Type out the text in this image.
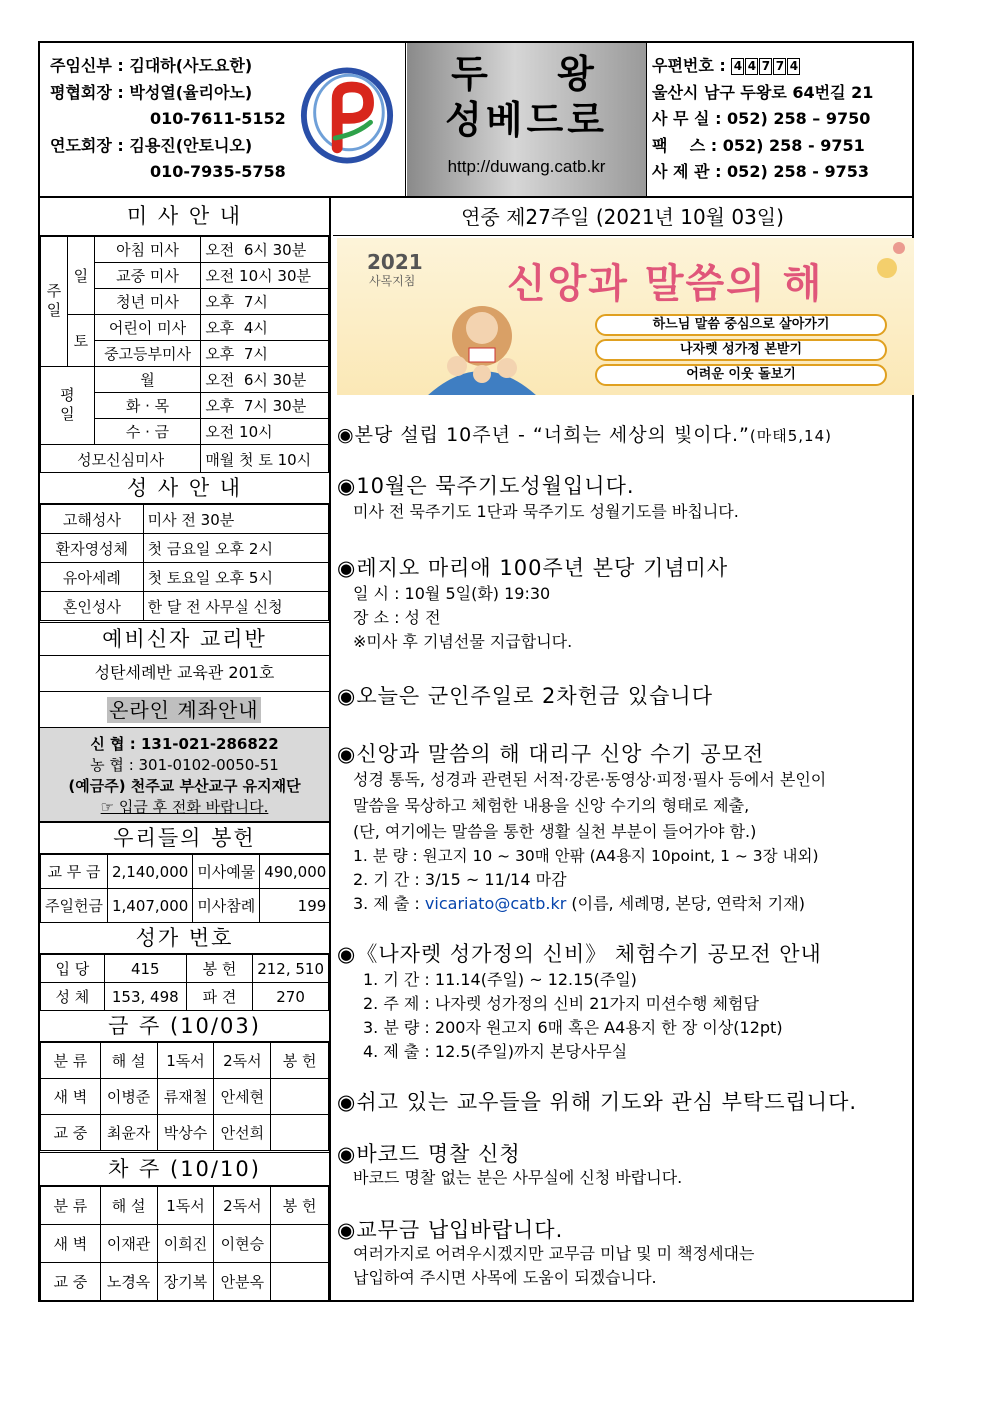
주임신부 : 김대하(사도요한)
평협회장 : 박성열(율리아노)
010-7611-5152
연도회장 : 김용진(안토니오)
010-7935-5758
두 왕
성베드로
http://duwang.catb.kr
우편번호 : 4 4 7 7 4
울산시 남구 두왕로 64번길 21
사 무 실 : 052) 258 – 9750
팩    스 : 052) 258 - 9751
사 제 관 : 052) 258 - 9753
미 사 안 내
주일	일	아침 미사	오전  6시 30분
		교중 미사	오전 10시 30분
		청년 미사	오후  7시
	토	어린이 미사	오후  4시
		중고등부미사	오후  7시
평일		월	오전  6시 30분
		화 · 목	오후  7시 30분
		수 · 금	오전 10시
성모신심미사			매월 첫 토 10시
성 사 안 내
고해성사	미사 전 30분
환자영성체	첫 금요일 오후 2시
유아세례	첫 토요일 오후 5시
혼인성사	한 달 전 사무실 신청
예비신자 교리반
성탄세례반 교육관 201호
온라인 계좌안내
신 협 : 131-021-286822
농 협 : 301-0102-0050-51
(예금주) 천주교 부산교구 유지재단
☞ 입금 후 전화 바랍니다.
우리들의 봉헌
교 무 금	2,140,000	미사예물	490,000
주일헌금	1,407,000	미사참례	199
성가 번호
입 당	415	봉 헌	212, 510
성 체	153, 498	파 견	270
금 주 (10/03)
분 류	해 설	1독서	2독서	봉 헌
새 벽	이병준	류재철	안세현	
교 중	최윤자	박상수	안선희	
차 주 (10/10)
분 류	해 설	1독서	2독서	봉 헌
새 벽	이재관	이희진	이현승	
교 중	노경옥	장기복	안분옥	
연중 제27주일 (2021년 10월 03일)
2021
사목지침 신앙과 말씀의 해
하느님 말씀 중심으로 살아가기
나자렛 성가정 본받기
어려운 이웃 돌보기
◉본당 설립 10주년 - “너희는 세상의 빛이다.”(마태5,14)
◉10월은 묵주기도성월입니다.
미사 전 묵주기도 1단과 묵주기도 성월기도를 바칩니다.
◉레지오 마리애 100주년 본당 기념미사
일 시 : 10월 5일(화) 19:30
장 소 : 성 전
※미사 후 기념선물 지급합니다.
◉오늘은 군인주일로 2차헌금 있습니다
◉신앙과 말씀의 해 대리구 신앙 수기 공모전
성경 통독, 성경과 관련된 서적·강론·동영상·피정·필사 등에서 본인이
말씀을 묵상하고 체험한 내용을 신앙 수기의 형태로 제출,
(단, 여기에는 말씀을 통한 생활 실천 부분이 들어가야 함.)
1. 분 량 : 원고지 10 ~ 30매 안팎 (A4용지 10point, 1 ~ 3장 내외)
2. 기 간 : 3/15 ~ 11/14 마감
3. 제 출 : vicariato@catb.kr (이름, 세례명, 본당, 연락처 기재)
◉《나자렛 성가정의 신비》 체험수기 공모전 안내
1. 기 간 : 11.14(주일) ~ 12.15(주일)
2. 주 제 : 나자렛 성가정의 신비 21가지 미션수행 체험담
3. 분 량 : 200자 원고지 6매 혹은 A4용지 한 장 이상(12pt)
4. 제 출 : 12.5(주일)까지 본당사무실
◉쉬고 있는 교우들을 위해 기도와 관심 부탁드립니다.
◉바코드 명찰 신청
바코드 명찰 없는 분은 사무실에 신청 바랍니다.
◉교무금 납입바랍니다.
여러가지로 어려우시겠지만 교무금 미납 및 미 책정세대는
납입하여 주시면 사목에 도움이 되겠습니다.
